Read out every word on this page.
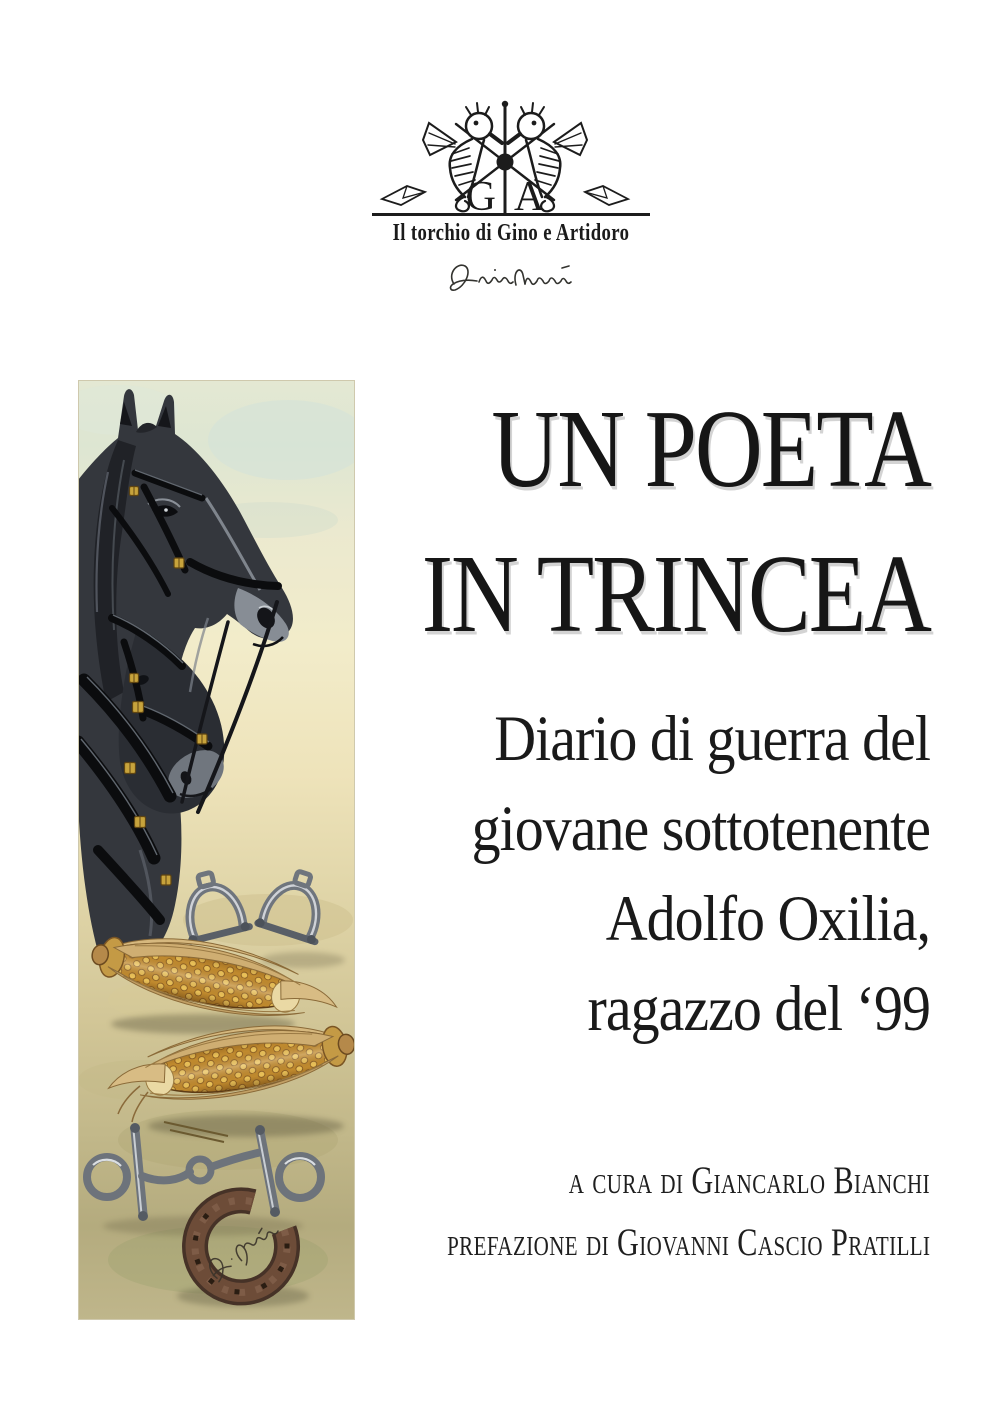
G A
Il torchio di Gino e Artidoro
UN POETA
IN TRINCEA

Diario di guerra del

giovane sottotenente

Adolfo Oxilia,

ragazzo del ‘99

a cura di Giancarlo Bianchi

prefazione di Giovanni Cascio Pratilli
